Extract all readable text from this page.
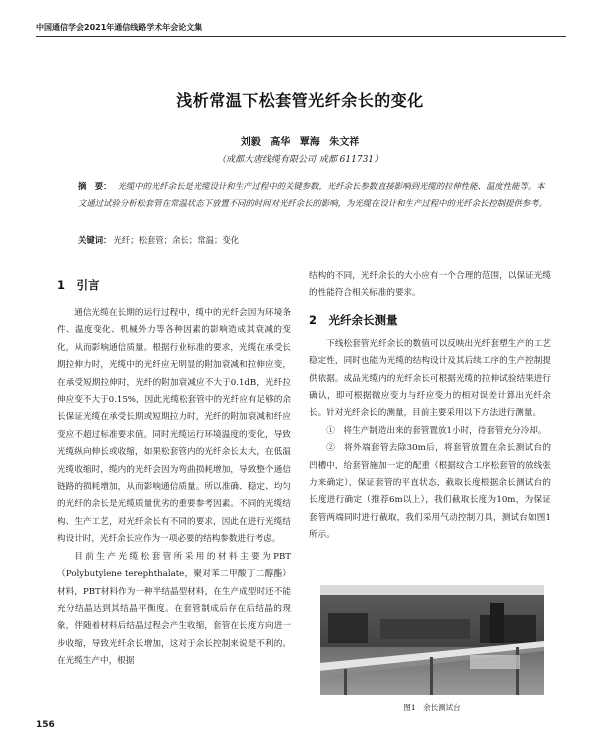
中国通信学会2021年通信线路学术年会论文集
浅析常温下松套管光纤余长的变化
刘毅 高华 覃海 朱文祥
（成都大唐线缆有限公司 成都 611731）
摘　要： 光缆中的光纤余长是光缆设计和生产过程中的关键参数，光纤余长参数直接影响到光缆的拉伸性能、温度性能等。本文通过试验分析松套管在常温状态下放置不同的时间对光纤余长的影响，为光缆在设计和生产过程中的光纤余长控制提供参考。
关键词： 光纤；松套管；余长；常温；变化
1　引言

通信光缆在长期的运行过程中，缆中的光纤会因为环境条件、温度变化、机械外力等各种因素的影响造成其衰减的变化，从而影响通信质量。根据行业标准的要求，光缆在承受长期拉伸力时，光缆中的光纤应无明显的附加衰减和拉伸应变，在承受短期拉伸时，光纤的附加衰减应不大于0.1dB，光纤拉伸应变不大于0.15%，因此光缆松套管中的光纤应有足够的余长保证光缆在承受长期或短期拉力时，光纤的附加衰减和纤应变应不超过标准要求值。同时光缆运行环境温度的变化，导致光缆纵向伸长或收缩，如果松套管内的光纤余长太大，在低温光缆收缩时，缆内的光纤会因为弯曲损耗增加，导致整个通信链路的损耗增加，从而影响通信质量。所以准确、稳定、均匀的光纤的余长是光缆质量优劣的重要参考因素。不同的光缆结构、生产工艺，对光纤余长有不同的要求，因此在进行光缆结构设计时，光纤余长应作为一项必要的结构参数进行考虑。

目前生产光缆松套管所采用的材料主要为PBT（Polybutylene terephthalate，聚对苯二甲酸丁二醇酯）材料，PBT材料作为一种半结晶型材料，在生产成型时还不能充分结晶达到其结晶平衡度。在套管制成后存在后结晶的现象，伴随着材料后结晶过程会产生收缩，套管在长度方向进一步收缩，导致光纤余长增加，这对于余长控制来说是不利的。在光缆生产中，根据

结构的不同，光纤余长的大小应有一个合理的范围，以保证光缆的性能符合相关标准的要求。

2　光纤余长测量

下线松套管光纤余长的数值可以反映出光纤套塑生产的工艺稳定性，同时也能为光缆的结构设计及其后续工序的生产控制提供依据。成品光缆内的光纤余长可根据光缆的拉伸试验结果进行确认，即可根据微应变力与纤应变力的相对误差计算出光纤余长。针对光纤余长的测量，目前主要采用以下方法进行测量。

①　将生产制造出来的套管置放1小时，待套管充分冷却。

②　将外端套管去除30m后，将套管放置在余长测试台的凹槽中，给套管施加一定的配重（根据纹合工序松套管的放线张力来确定），保证套管的平直状态，截取长度根据余长测试台的长度进行确定（推荐6m以上），我们截取长度为10m，为保证套管两端同时进行截取，我们采用气动控制刀具，测试台如图1所示。

图1　余长测试台
156
